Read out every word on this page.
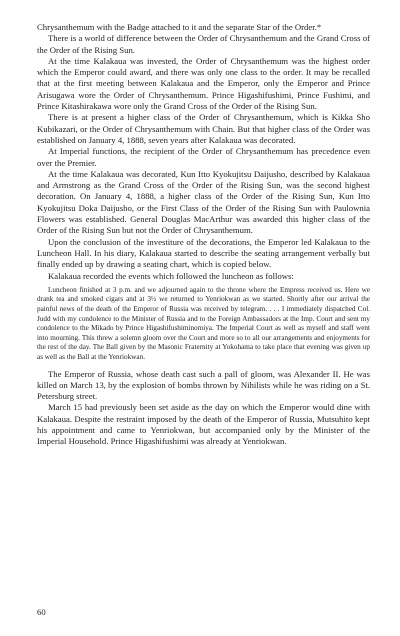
Chrysanthemum with the Badge attached to it and the separate Star of the Order.*

There is a world of difference between the Order of Chrysanthemum and the Grand Cross of the Order of the Rising Sun.

At the time Kalakaua was invested, the Order of Chrysanthemum was the highest order which the Emperor could award, and there was only one class to the order. It may be recalled that at the first meeting between Kalakaua and the Emperor, only the Emperor and Prince Arisugawa wore the Order of Chrysanthemum. Prince Higashifushimi, Prince Fushimi, and Prince Kitashirakawa wore only the Grand Cross of the Order of the Rising Sun.

There is at present a higher class of the Order of Chrysanthemum, which is Kikka Sho Kubikazari, or the Order of Chrysanthemum with Chain. But that higher class of the Order was established on January 4, 1888, seven years after Kalakaua was decorated.

At Imperial functions, the recipient of the Order of Chrysanthemum has precedence even over the Premier.

At the time Kalakaua was decorated, Kun Itto Kyokujitsu Daijusho, described by Kalakaua and Armstrong as the Grand Cross of the Order of the Rising Sun, was the second highest decoration. On January 4, 1888, a higher class of the Order of the Rising Sun, Kun Itto Kyokujitsu Doka Daijusho, or the First Class of the Order of the Rising Sun with Paulownia Flowers was established. General Douglas MacArthur was awarded this higher class of the Order of the Rising Sun but not the Order of Chrysanthemum.

Upon the conclusion of the investiture of the decorations, the Emperor led Kalakaua to the Luncheon Hall. In his diary, Kalakaua started to describe the seating arrangement verbally but finally ended up by drawing a seating chart, which is copied below.

Kalakaua recorded the events which followed the luncheon as follows:

Luncheon finished at 3 p.m. and we adjourned again to the throne where the Empress received us. Here we drank tea and smoked cigars and at 3½ we returned to Yenriokwan as we started. Shortly after our arrival the painful news of the death of the Emperor of Russia was received by telegram. . . . I immediately dispatched Col. Judd with my condolence to the Minister of Russia and to the Foreign Ambassadors at the Imp. Court and sent my condolence to the Mikado by Prince Higashifushiminomiya. The Imperial Court as well as myself and staff went into mourning. This threw a solemn gloom over the Court and more so to all our arrangements and enjoyments for the rest of the day. The Ball given by the Masonic Fraternity at Yokohama to take place that evening was given up as well as the Ball at the Yenriokwan.

The Emperor of Russia, whose death cast such a pall of gloom, was Alexander II. He was killed on March 13, by the explosion of bombs thrown by Nihilists while he was riding on a St. Petersburg street.

March 15 had previously been set aside as the day on which the Emperor would dine with Kalakaua. Despite the restraint imposed by the death of the Emperor of Russia, Mutsuhito kept his appointment and came to Yenriokwan, but accompanied only by the Minister of the Imperial Household. Prince Higashifushimi was already at Yenriokwan.

60
